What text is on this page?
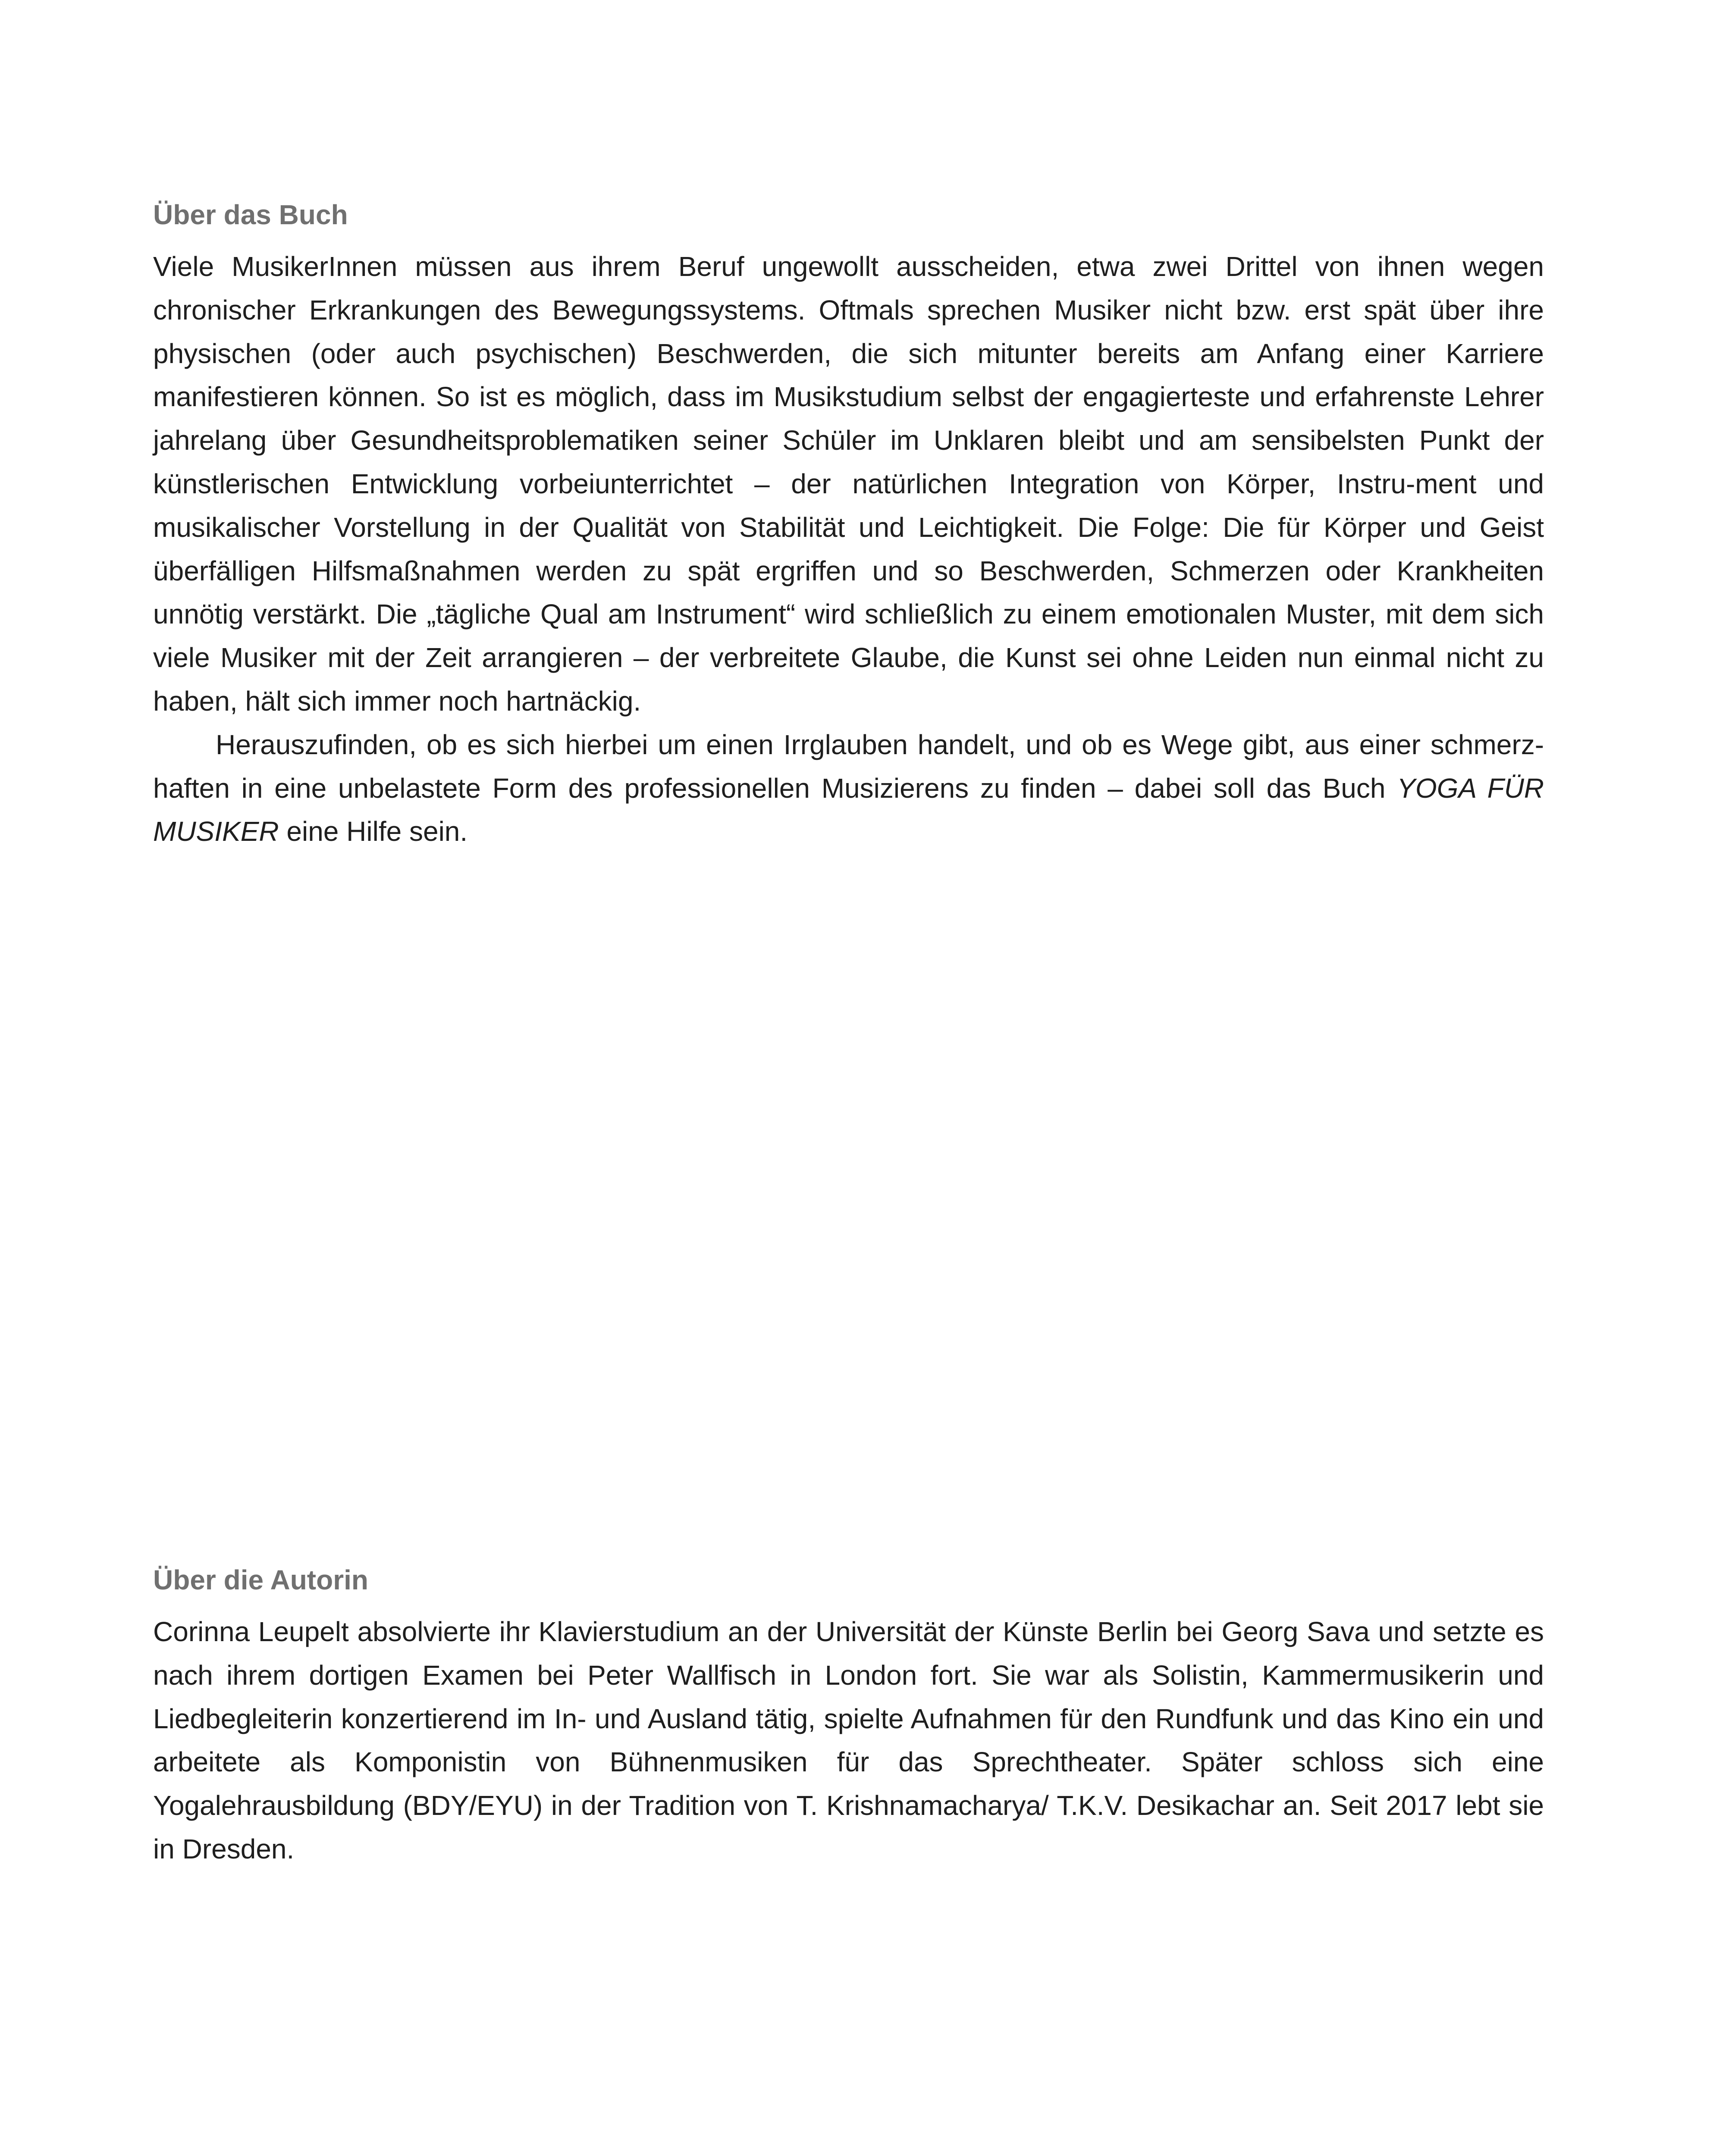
Über das Buch

Viele MusikerInnen müssen aus ihrem Beruf ungewollt ausscheiden, etwa zwei Drittel von ihnen wegen chronischer Erkrankungen des Bewegungssystems. Oftmals sprechen Musiker nicht bzw. erst spät über ihre physischen (oder auch psychischen) Beschwerden, die sich mitunter bereits am Anfang einer Karriere manifestieren können. So ist es möglich, dass im Musikstudium selbst der engagierteste und erfahrenste Lehrer jahrelang über Gesundheitsproblematiken seiner Schüler im Unklaren bleibt und am sensibelsten Punkt der künstlerischen Entwicklung vorbeiunterrichtet – der natürlichen Integration von Körper, Instru-ment und musikalischer Vorstellung in der Qualität von Stabilität und Leichtigkeit. Die Folge: Die für Körper und Geist überfälligen Hilfsmaßnahmen werden zu spät ergriffen und so Beschwerden, Schmerzen oder Krankheiten unnötig verstärkt. Die „tägliche Qual am Instrument“ wird schließlich zu einem emotionalen Muster, mit dem sich viele Musiker mit der Zeit arrangieren – der verbreitete Glaube, die Kunst sei ohne Leiden nun einmal nicht zu haben, hält sich immer noch hartnäckig.

Herauszufinden, ob es sich hierbei um einen Irrglauben handelt, und ob es Wege gibt, aus einer schmerz-haften in eine unbelastete Form des professionellen Musizierens zu finden – dabei soll das Buch YOGA FÜR MUSIKER eine Hilfe sein.

Über die Autorin

Corinna Leupelt absolvierte ihr Klavierstudium an der Universität der Künste Berlin bei Georg Sava und setzte es nach ihrem dortigen Examen bei Peter Wallfisch in London fort. Sie war als Solistin, Kammermusikerin und Liedbegleiterin konzertierend im In- und Ausland tätig, spielte Aufnahmen für den Rundfunk und das Kino ein und arbeitete als Komponistin von Bühnenmusiken für das Sprechtheater. Später schloss sich eine Yogalehrausbildung (BDY/EYU) in der Tradition von T. Krishnamacharya/ T.K.V. Desikachar an. Seit 2017 lebt sie in Dresden.
